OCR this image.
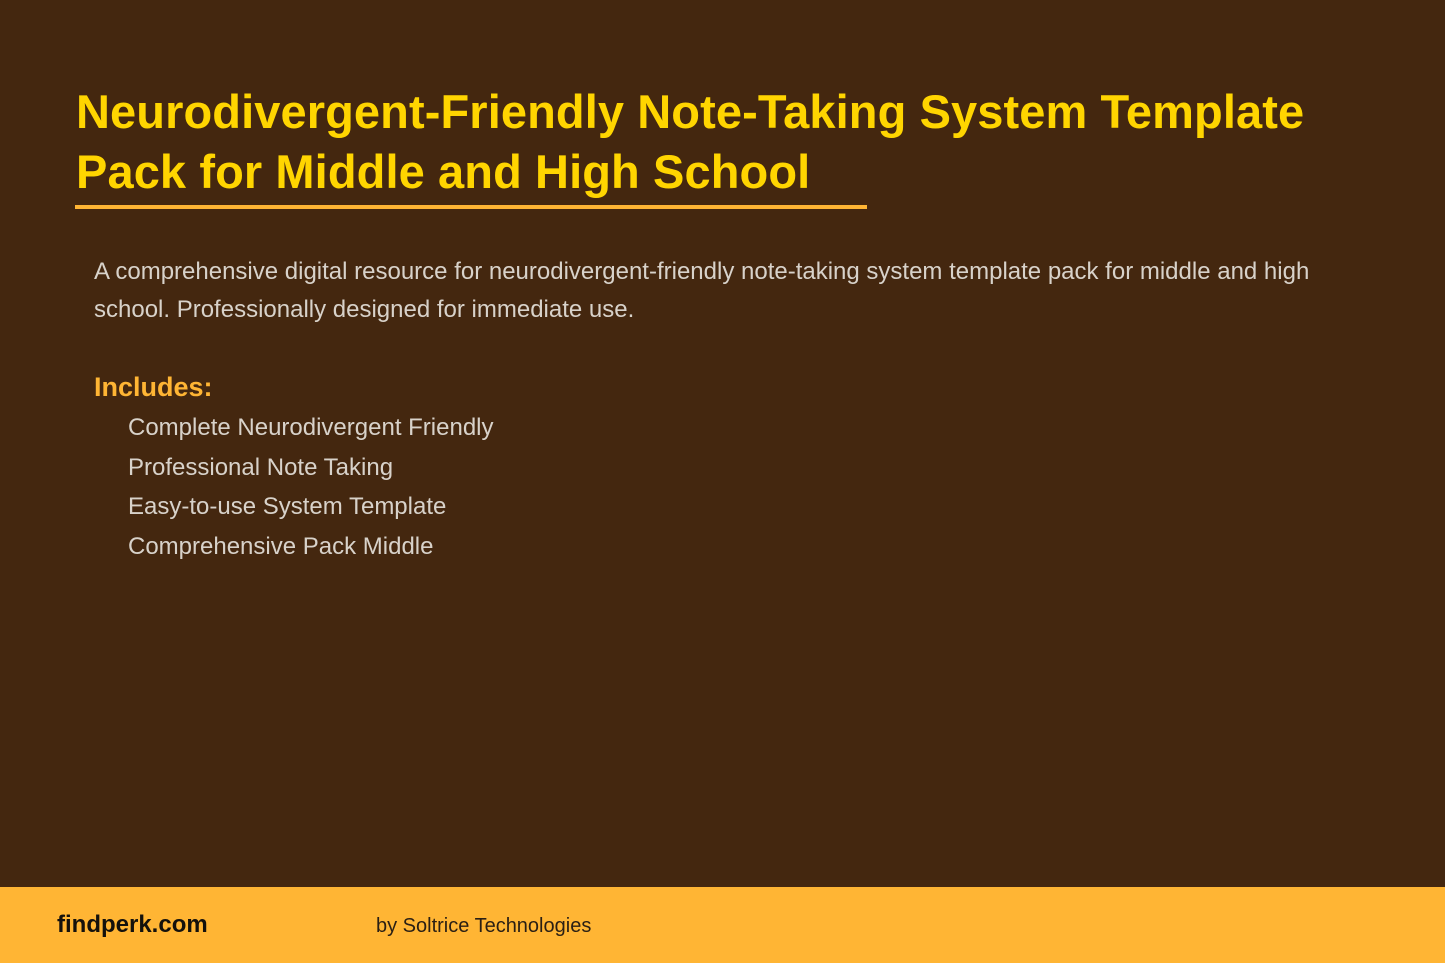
Neurodivergent-Friendly Note-Taking System Template Pack for Middle and High School

A comprehensive digital resource for neurodivergent-friendly note-taking system template pack for middle and high school. Professionally designed for immediate use.

Includes:
Complete Neurodivergent Friendly
Professional Note Taking
Easy-to-use System Template
Comprehensive Pack Middle
findperk.com	by Soltrice Technologies
